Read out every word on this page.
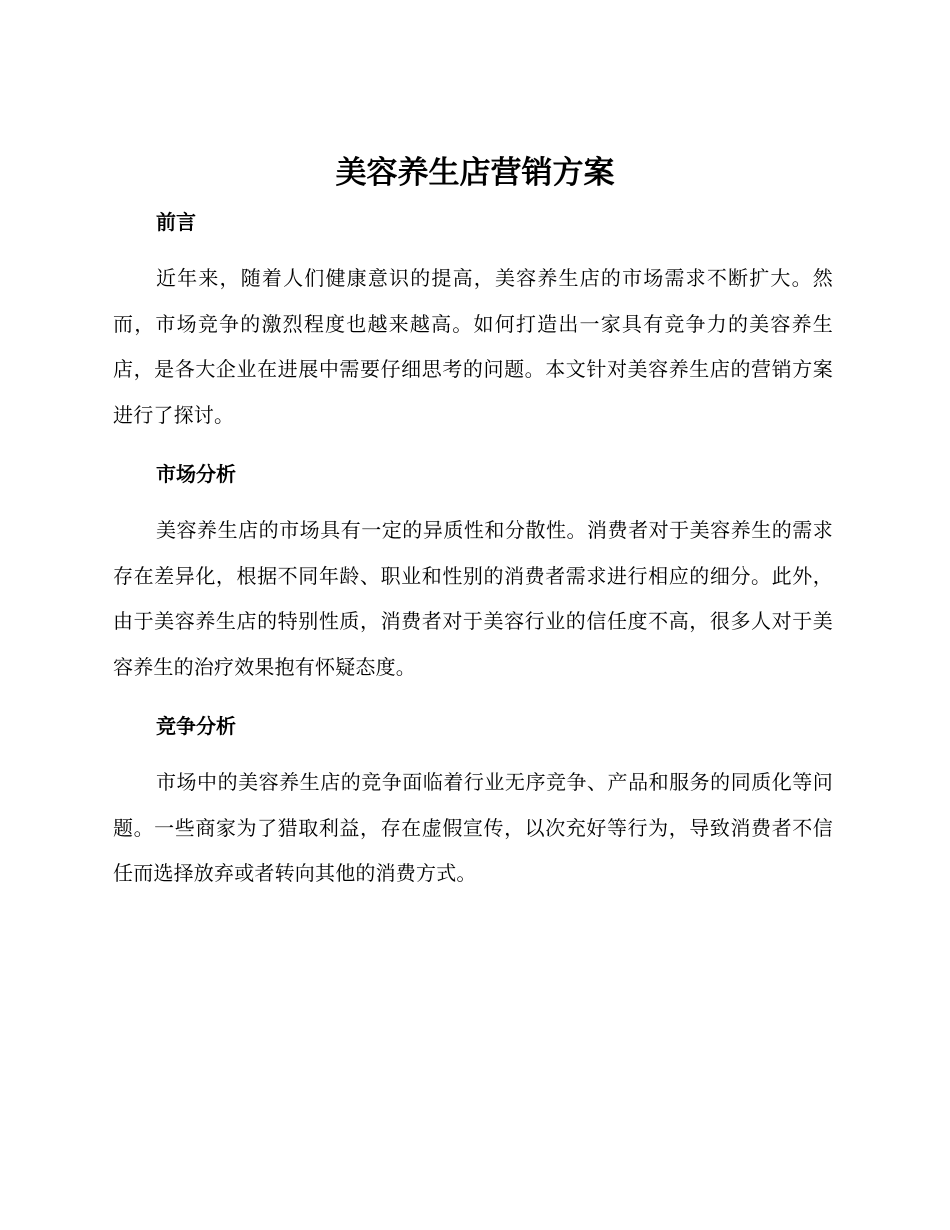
美容养生店营销方案
前言

近年来，随着人们健康意识的提高，美容养生店的市场需求不断扩大。然而，市场竞争的激烈程度也越来越高。如何打造出一家具有竞争力的美容养生店，是各大企业在进展中需要仔细思考的问题。本文针对美容养生店的营销方案进行了探讨。

市场分析

美容养生店的市场具有一定的异质性和分散性。消费者对于美容养生的需求存在差异化，根据不同年龄、职业和性别的消费者需求进行相应的细分。此外，由于美容养生店的特别性质，消费者对于美容行业的信任度不高，很多人对于美容养生的治疗效果抱有怀疑态度。

竞争分析

市场中的美容养生店的竞争面临着行业无序竞争、产品和服务的同质化等问题。一些商家为了猎取利益，存在虚假宣传，以次充好等行为，导致消费者不信任而选择放弃或者转向其他的消费方式。
